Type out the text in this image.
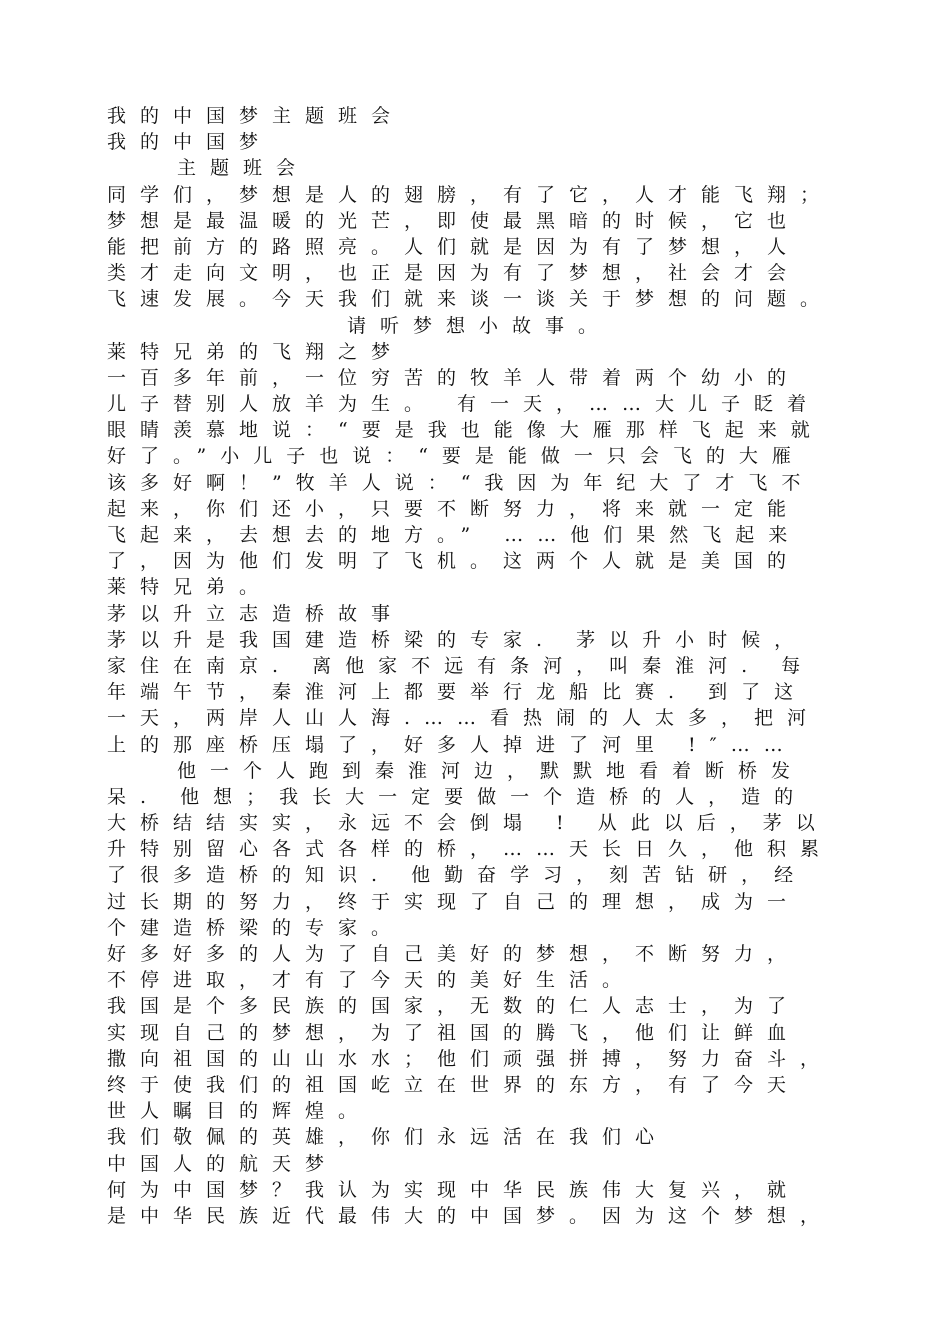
我的中国梦主题班会
我的中国梦
主题班会
同学们，梦想是人的翅膀，有了它，人才能飞翔；
梦想是最温暖的光芒，即使最黑暗的时候，它也
能把前方的路照亮。人们就是因为有了梦想，人
类才走向文明，也正是因为有了梦想，社会才会
飞速发展。今天我们就来谈一谈关于梦想的问题。
请听梦想小故事。
莱特兄弟的飞翔之梦
一百多年前，一位穷苦的牧羊人带着两个幼小的
儿子替别人放羊为生。 有一天，……大儿子眨着
眼睛羡慕地说：“要是我也能像大雁那样飞起来就
好了。”小儿子也说：“要是能做一只会飞的大雁
该多好啊！”牧羊人说：“我因为年纪大了才飞不
起来，你们还小，只要不断努力，将来就一定能
飞起来，去想去的地方。” ……他们果然飞起来
了，因为他们发明了飞机。这两个人就是美国的
莱特兄弟。
茅以升立志造桥故事
茅以升是我国建造桥梁的专家. 茅以升小时候，
家住在南京. 离他家不远有条河，叫秦淮河. 每
年端午节，秦淮河上都要举行龙船比赛. 到了这
一天，两岸人山人海.……看热闹的人太多，把河
上的那座桥压塌了，好多人掉进了河里 !″……
他一个人跑到秦淮河边，默默地看着断桥发
呆. 他想；我长大一定要做一个造桥的人，造的
大桥结结实实，永远不会倒塌 ! 从此以后，茅以
升特别留心各式各样的桥，……天长日久，他积累
了很多造桥的知识. 他勤奋学习，刻苦钻研，经
过长期的努力，终于实现了自己的理想，成为一
个建造桥梁的专家。
好多好多的人为了自己美好的梦想，不断努力，
不停进取，才有了今天的美好生活。
我国是个多民族的国家，无数的仁人志士，为了
实现自己的梦想，为了祖国的腾飞，他们让鲜血
撒向祖国的山山水水；他们顽强拼搏，努力奋斗，
终于使我们的祖国屹立在世界的东方，有了今天
世人瞩目的辉煌。
我们敬佩的英雄，你们永远活在我们心
中国人的航天梦
何为中国梦？我认为实现中华民族伟大复兴，就
是中华民族近代最伟大的中国梦。因为这个梦想，
